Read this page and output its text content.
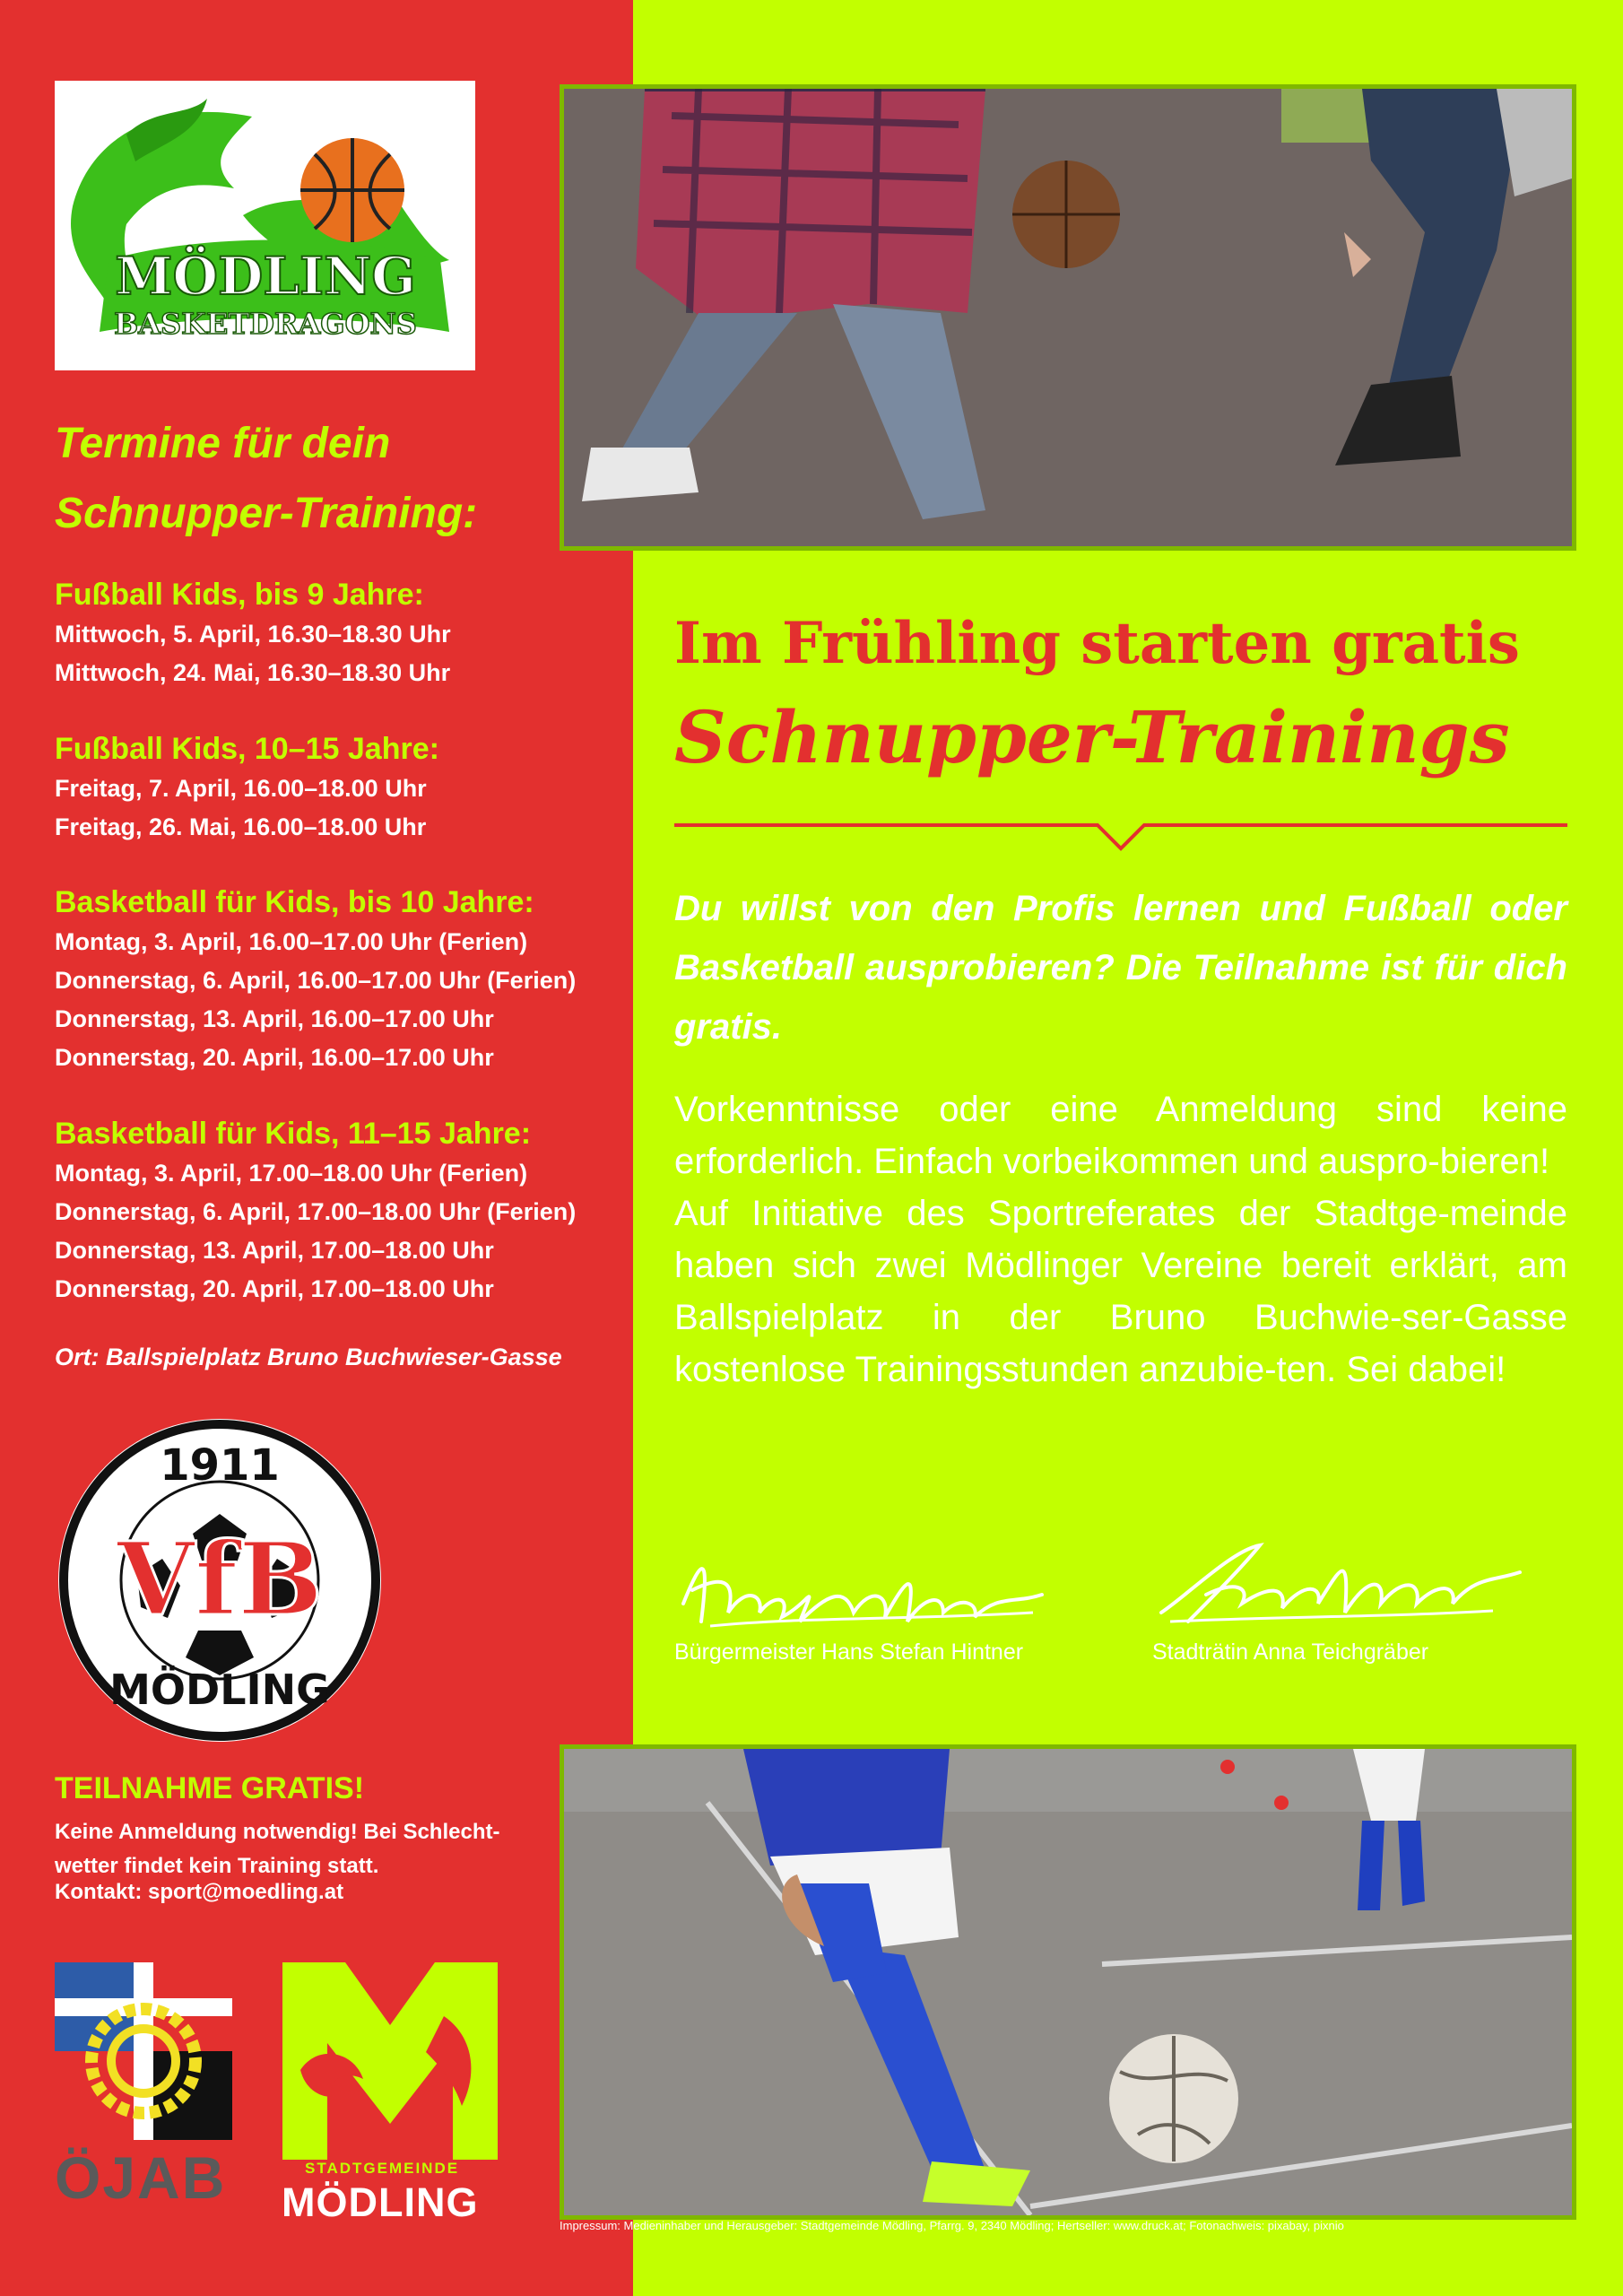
MÖDLING
BASKETDRAGONS
Termine für dein
Schnupper-Training:
Fußball Kids, bis 9 Jahre:
Mittwoch, 5. April, 16.30–18.30 Uhr
Mittwoch, 24. Mai, 16.30–18.30 Uhr
Fußball Kids, 10–15 Jahre:
Freitag, 7. April, 16.00–18.00 Uhr
Freitag, 26. Mai, 16.00–18.00 Uhr
Basketball für Kids, bis 10 Jahre:
Montag, 3. April, 16.00–17.00 Uhr (Ferien)
Donnerstag, 6. April, 16.00–17.00 Uhr (Ferien)
Donnerstag, 13. April, 16.00–17.00 Uhr
Donnerstag, 20. April, 16.00–17.00 Uhr
Basketball für Kids, 11–15 Jahre:
Montag, 3. April, 17.00–18.00 Uhr (Ferien)
Donnerstag, 6. April, 17.00–18.00 Uhr (Ferien)
Donnerstag, 13. April, 17.00–18.00 Uhr
Donnerstag, 20. April, 17.00–18.00 Uhr
Ort: Ballspielplatz Bruno Buchwieser-Gasse
1911
VfB
MÖDLING
TEILNAHME GRATIS!
Keine Anmeldung notwendig! Bei Schlecht-wetter findet kein Training statt.
Kontakt: sport@moedling.at
ÖJAB	STADTGEMEINDE
MÖDLING
Im Frühling starten gratis
Schnupper-Trainings
Du willst von den Profis lernen und Fußball oder Basketball ausprobieren? Die Teilnahme ist für dich gratis.
Vorkenntnisse oder eine Anmeldung sind keine erforderlich. Einfach vorbeikommen und auspro-bieren!
Auf Initiative des Sportreferates der Stadtge-meinde haben sich zwei Mödlinger Vereine bereit erklärt, am Ballspielplatz in der Bruno Buchwie-ser-Gasse kostenlose Trainingsstunden anzubie-ten. Sei dabei!
Bürgermeister Hans Stefan Hintner	Stadträtin Anna Teichgräber
Impressum: Medieninhaber und Herausgeber: Stadtgemeinde Mödling, Pfarrg. 9, 2340 Mödling; Hertseller: www.druck.at; Fotonachweis: pixabay, pixnio
